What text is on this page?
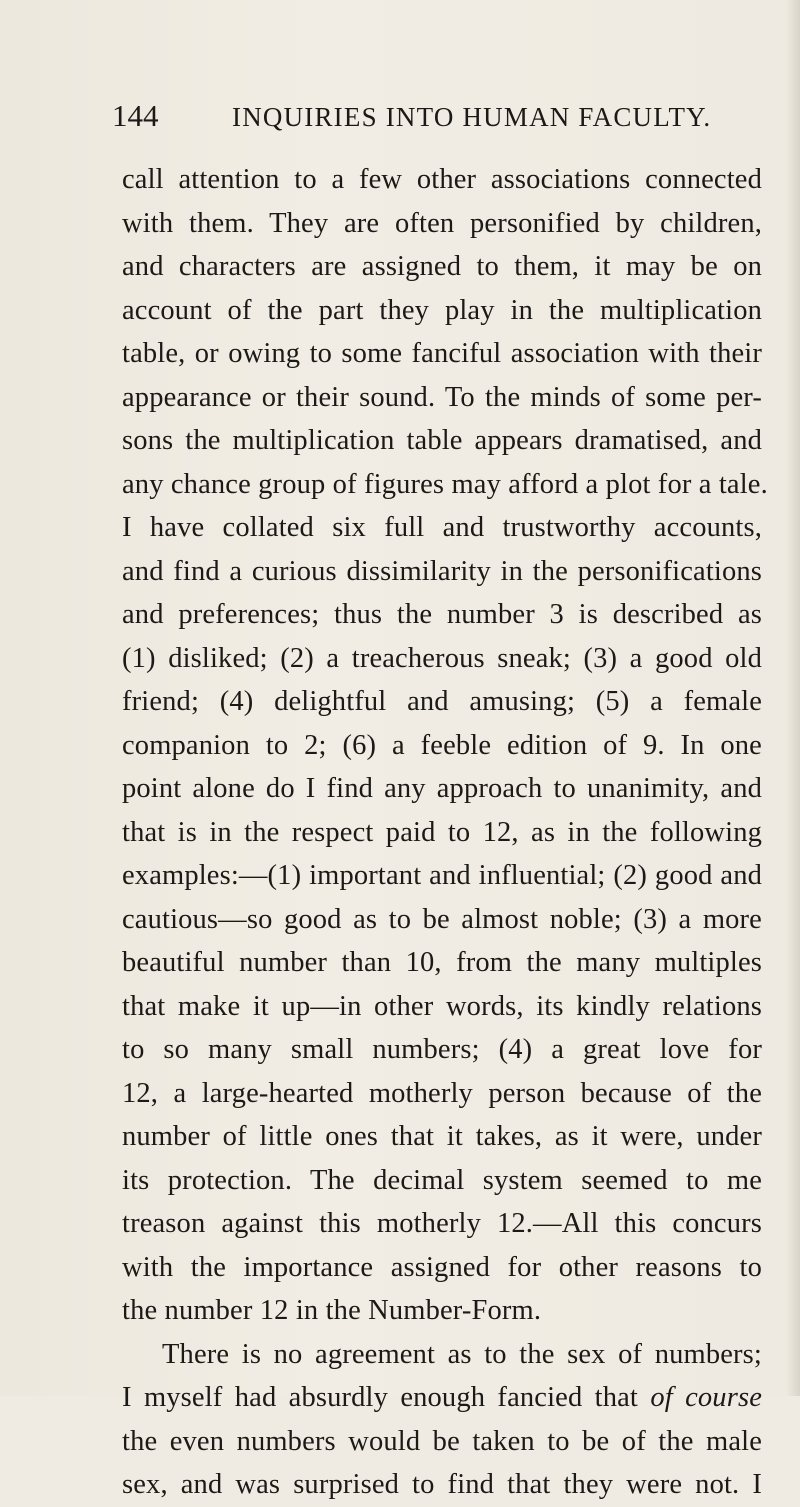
144	INQUIRIES INTO HUMAN FACULTY.
call attention to a few other associations connected
with them. They are often personified by children,
and characters are assigned to them, it may be on
account of the part they play in the multiplication
table, or owing to some fanciful association with their
appearance or their sound. To the minds of some per-
sons the multiplication table appears dramatised, and
any chance group of figures may afford a plot for a tale.
I have collated six full and trustworthy accounts,
and find a curious dissimilarity in the personifications
and preferences; thus the number 3 is described as
(1) disliked; (2) a treacherous sneak; (3) a good old
friend; (4) delightful and amusing; (5) a female
companion to 2; (6) a feeble edition of 9. In one
point alone do I find any approach to unanimity, and
that is in the respect paid to 12, as in the following
examples:—(1) important and influential; (2) good and
cautious—so good as to be almost noble; (3) a more
beautiful number than 10, from the many multiples
that make it up—in other words, its kindly relations
to so many small numbers; (4) a great love for
12, a large-hearted motherly person because of the
number of little ones that it takes, as it were, under
its protection. The decimal system seemed to me
treason against this motherly 12.—All this concurs
with the importance assigned for other reasons to
the number 12 in the Number-Form.
There is no agreement as to the sex of numbers;
I myself had absurdly enough fancied that of course
the even numbers would be taken to be of the male
sex, and was surprised to find that they were not. I
